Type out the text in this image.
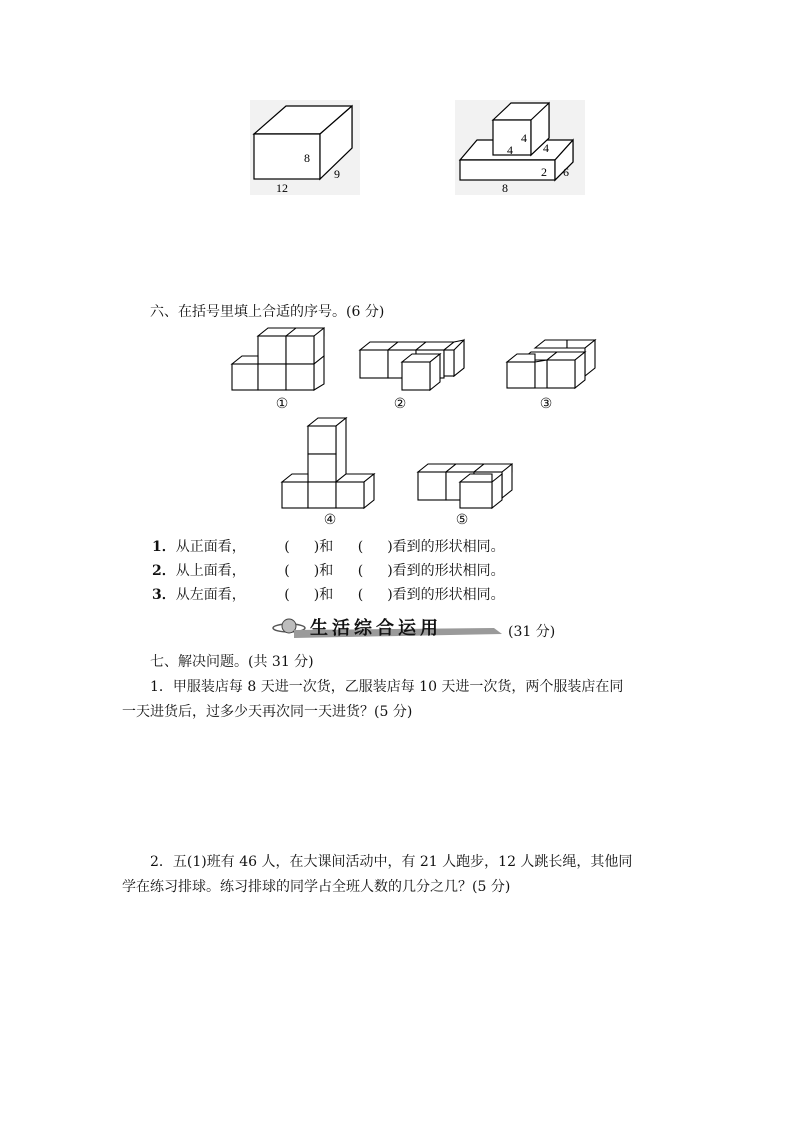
8
12
9
4
4	4
2
8
6
六、在括号里填上合适的序号。(6 分)
①	②	③
④	⑤
1．从正面看，	( )和 ( )看到的形状相同。
2．从上面看，	( )和 ( )看到的形状相同。
3．从左面看，	( )和 ( )看到的形状相同。
生活综合运用	(31 分)
七、解决问题。(共 31 分)
1．甲服装店每 8 天进一次货，乙服装店每 10 天进一次货，两个服装店在同
一天进货后，过多少天再次同一天进货？(5 分)
2．五(1)班有 46 人，在大课间活动中，有 21 人跑步，12 人跳长绳，其他同
学在练习排球。练习排球的同学占全班人数的几分之几？(5 分)
